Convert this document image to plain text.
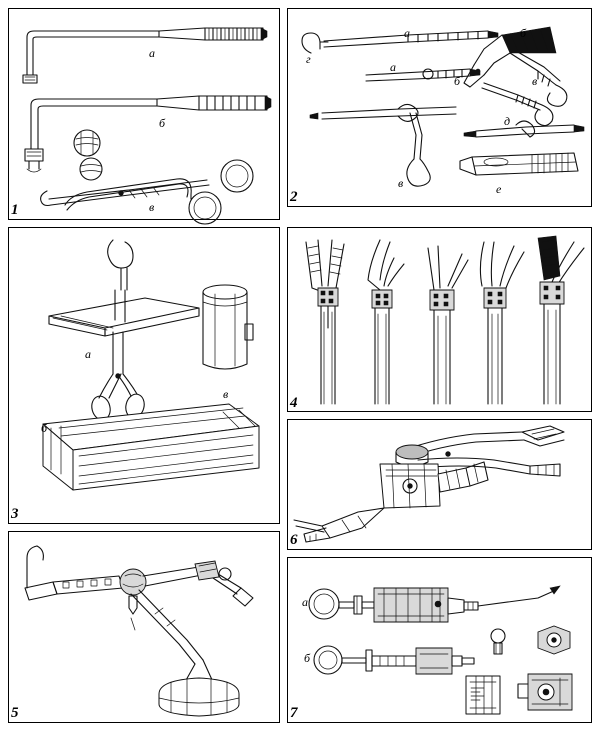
а
б
в
1
г
а	б
а
б	в
д
в	е
2
а
в
б
3
4
5
6
а
б
7
